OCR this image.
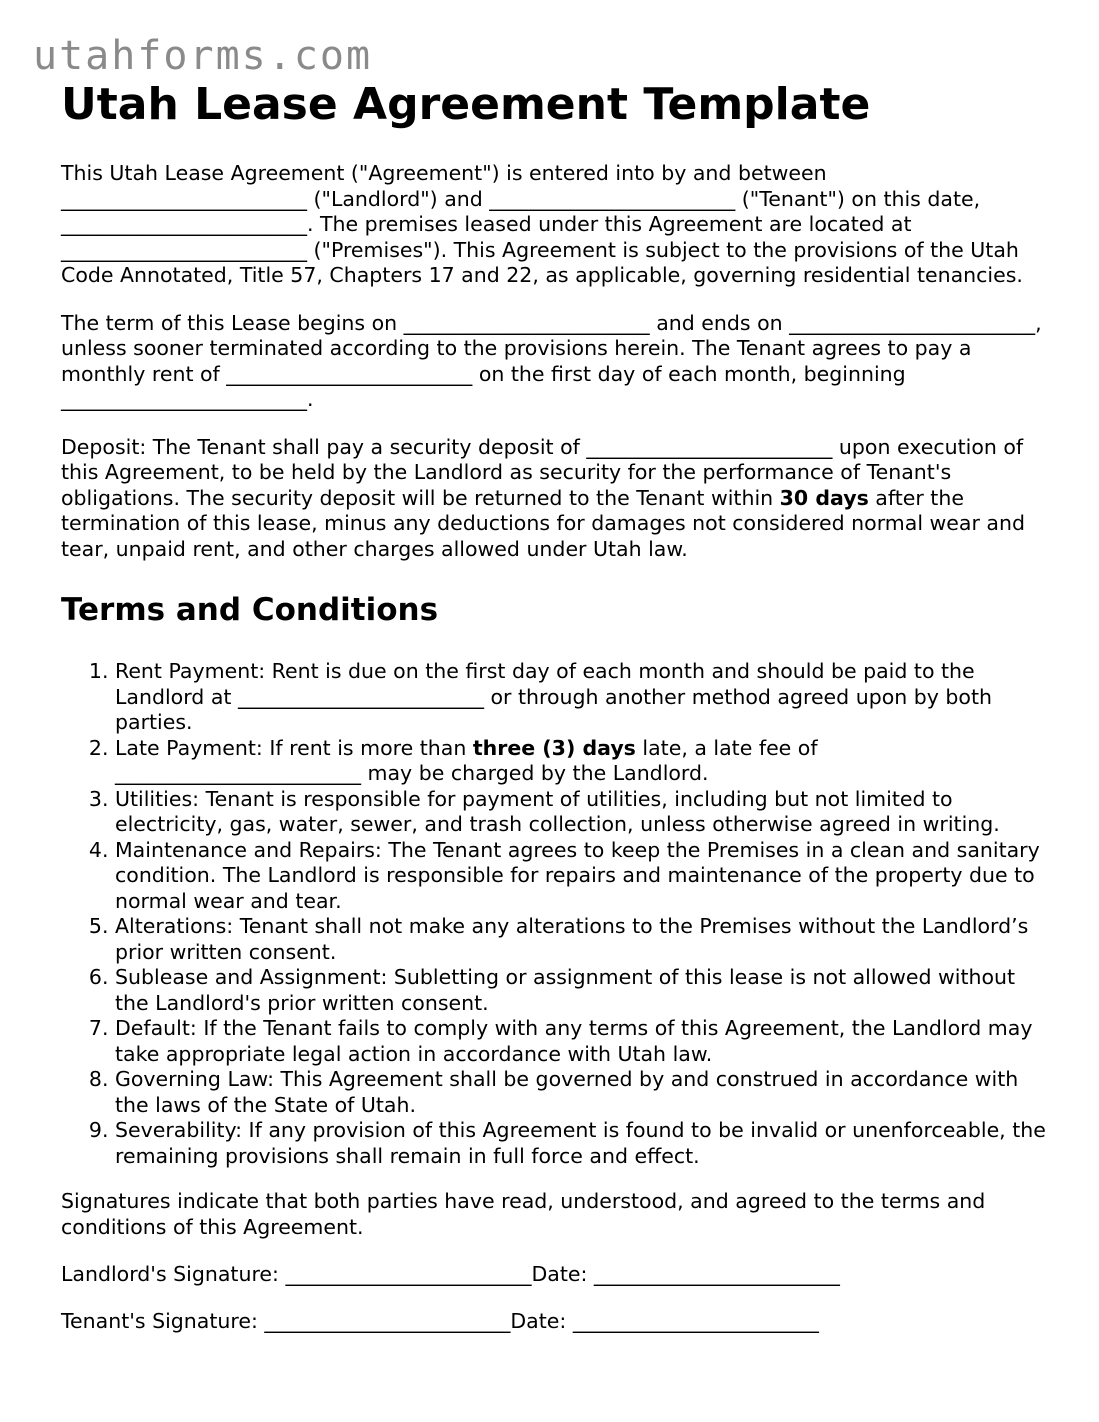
utahforms.com
Utah Lease Agreement Template

This Utah Lease Agreement ("Agreement") is entered into by and between ________________________ ("Landlord") and ________________________ ("Tenant") on this date, ________________________. The premises leased under this Agreement are located at ________________________ ("Premises"). This Agreement is subject to the provisions of the Utah Code Annotated, Title 57, Chapters 17 and 22, as applicable, governing residential tenancies.

The term of this Lease begins on ________________________ and ends on ________________________, unless sooner terminated according to the provisions herein. The Tenant agrees to pay a monthly rent of ________________________ on the first day of each month, beginning ________________________.

Deposit: The Tenant shall pay a security deposit of ________________________ upon execution of this Agreement, to be held by the Landlord as security for the performance of Tenant's obligations. The security deposit will be returned to the Tenant within 30 days after the termination of this lease, minus any deductions for damages not considered normal wear and tear, unpaid rent, and other charges allowed under Utah law.

Terms and Conditions
1. Rent Payment: Rent is due on the first day of each month and should be paid to the Landlord at ________________________ or through another method agreed upon by both parties.
2. Late Payment: If rent is more than three (3) days late, a late fee of ________________________ may be charged by the Landlord.
3. Utilities: Tenant is responsible for payment of utilities, including but not limited to electricity, gas, water, sewer, and trash collection, unless otherwise agreed in writing.
4. Maintenance and Repairs: The Tenant agrees to keep the Premises in a clean and sanitary condition. The Landlord is responsible for repairs and maintenance of the property due to normal wear and tear.
5. Alterations: Tenant shall not make any alterations to the Premises without the Landlord’s prior written consent.
6. Sublease and Assignment: Subletting or assignment of this lease is not allowed without the Landlord's prior written consent.
7. Default: If the Tenant fails to comply with any terms of this Agreement, the Landlord may take appropriate legal action in accordance with Utah law.
8. Governing Law: This Agreement shall be governed by and construed in accordance with the laws of the State of Utah.
9. Severability: If any provision of this Agreement is found to be invalid or unenforceable, the remaining provisions shall remain in full force and effect.

Signatures indicate that both parties have read, understood, and agreed to the terms and conditions of this Agreement.

Landlord's Signature: ________________________Date: ________________________

Tenant's Signature: ________________________Date: ________________________
